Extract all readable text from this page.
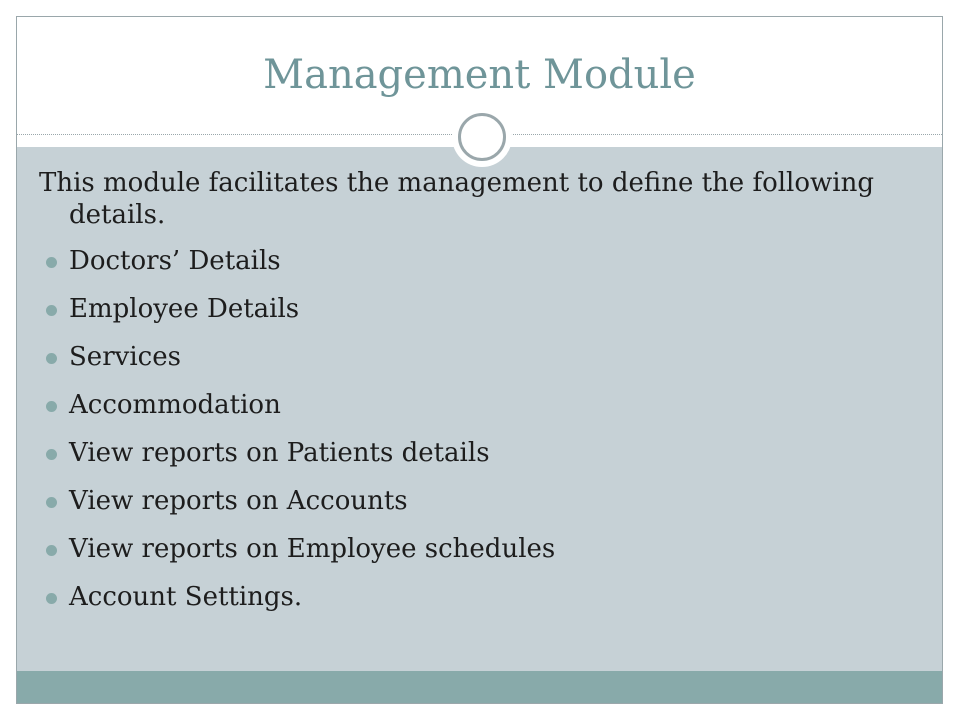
Management Module

This module facilitates the management to define the following details.

Doctors’ Details
Employee Details
Services
Accommodation
View reports on Patients details
View reports on Accounts
View reports on Employee schedules
Account Settings.
